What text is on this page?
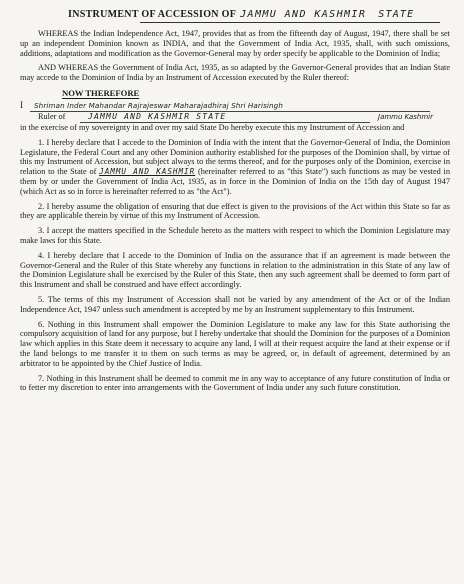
INSTRUMENT OF ACCESSION OF JAMMU AND KASHMIR STATE

WHEREAS the Indian Independence Act, 1947, provides that as from the fifteenth day of August, 1947, there shall be set up an independent Dominion known as INDIA, and that the Government of India Act, 1935, shall, with such omissions, additions, adaptations and modification as the Governor-General may by order specify be applicable to the Dominion of India;

AND WHEREAS the Government of India Act, 1935, as so adapted by the Governor-General provides that an Indian State may accede to the Dominion of India by an Instrument of Accession executed by the Ruler thereof:

NOW THEREFORE
I Shriman Inder Mahandar Rajrajeswar Maharajadhiraj Shri Harisingh
Ruler of	JAMMU AND KASHMIR STATE	Jammu Kashmir

in the exercise of my sovereignty in and over my said State Do hereby execute this my Instrument of Accession and

1. I hereby declare that I accede to the Dominion of India with the intent that the Governor-General of India, the Dominion Legislature, the Federal Court and any other Dominion authority established for the purposes of the Dominion shall, by virtue of this my Instrument of Accession, but subject always to the terms thereof, and for the purposes only of the Dominion, exercise in relation to the State of JAMMU AND KASHMIR (hereinafter referred to as "this State") such functions as may be vested in them by or under the Government of India Act, 1935, as in force in the Dominion of India on the 15th day of August 1947 (which Act as so in force is hereinafter referred to as "the Act").

2. I hereby assume the obligation of ensuring that due effect is given to the provisions of the Act within this State so far as they are applicable therein by virtue of this my Instrument of Accession.

3. I accept the matters specified in the Schedule hereto as the matters with respect to which the Dominion Legislature may make laws for this State.

4. I hereby declare that I accede to the Dominion of India on the assurance that if an agreement is made between the Governor-General and the Ruler of this State whereby any functions in relation to the administration in this State of any law of the Dominion Legislature shall be exercised by the Ruler of this State, then any such agreement shall be deemed to form part of this Instrument and shall be construed and have effect accordingly.

5. The terms of this my Instrument of Accession shall not be varied by any amendment of the Act or of the Indian Independence Act, 1947 unless such amendment is accepted by me by an Instrument supplementary to this Instrument.

6. Nothing in this Instrument shall empower the Dominion Legislature to make any law for this State authorising the compulsory acquisition of land for any purpose, but I hereby undertake that should the Dominion for the purposes of a Dominion law which applies in this State deem it necessary to acquire any land, I will at their request acquire the land at their expense or if the land belongs to me transfer it to them on such terms as may be agreed, or, in default of agreement, determined by an arbitrator to be appointed by the Chief Justice of India.

7. Nothing in this Instrument shall be deemed to commit me in any way to acceptance of any future constitution of India or to fetter my discretion to enter into arrangements with the Government of India under any such future constitution.
